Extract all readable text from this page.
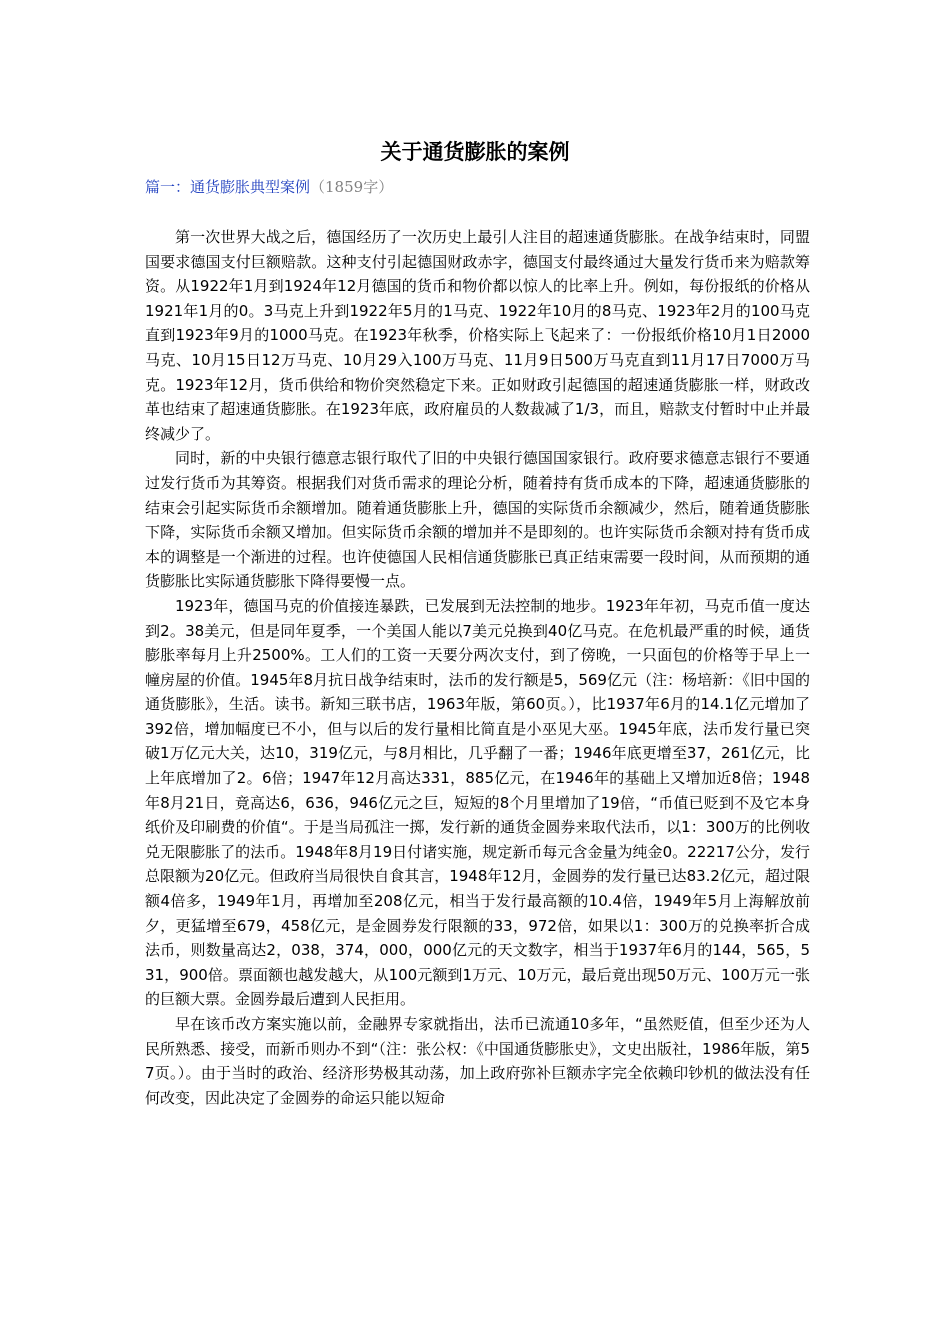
关于通货膨胀的案例
篇一：通货膨胀典型案例（1859字）

第一次世界大战之后，德国经历了一次历史上最引人注目的超速通货膨胀。在战争结束时，同盟国要求德国支付巨额赔款。这种支付引起德国财政赤字，德国支付最终通过大量发行货币来为赔款筹资。从1922年1月到1924年12月德国的货币和物价都以惊人的比率上升。例如，每份报纸的价格从1921年1月的0。3马克上升到1922年5月的1马克、1922年10月的8马克、1923年2月的100马克直到1923年9月的1000马克。在1923年秋季，价格实际上飞起来了：一份报纸价格10月1日2000马克、10月15日12万马克、10月29入100万马克、11月9日500万马克直到11月17日7000万马克。1923年12月，货币供给和物价突然稳定下来。正如财政引起德国的超速通货膨胀一样，财政改革也结束了超速通货膨胀。在1923年底，政府雇员的人数裁减了1/3，而且，赔款支付暂时中止并最终减少了。

同时，新的中央银行德意志银行取代了旧的中央银行德国国家银行。政府要求德意志银行不要通过发行货币为其筹资。根据我们对货币需求的理论分析，随着持有货币成本的下降，超速通货膨胀的结束会引起实际货币余额增加。随着通货膨胀上升，德国的实际货币余额减少，然后，随着通货膨胀下降，实际货币余额又增加。但实际货币余额的增加并不是即刻的。也许实际货币余额对持有货币成本的调整是一个渐进的过程。也许使德国人民相信通货膨胀已真正结束需要一段时间，从而预期的通货膨胀比实际通货膨胀下降得要慢一点。

1923年，德国马克的价值接连暴跌，已发展到无法控制的地步。1923年年初，马克币值一度达到2。38美元，但是同年夏季，一个美国人能以7美元兑换到40亿马克。在危机最严重的时候，通货膨胀率每月上升2500%。工人们的工资一天要分两次支付，到了傍晚，一只面包的价格等于早上一幢房屋的价值。1945年8月抗日战争结束时，法币的发行额是5，569亿元（注：杨培新：《旧中国的通货膨胀》，生活。读书。新知三联书店，1963年版，第60页。），比1937年6月的14.1亿元增加了392倍，增加幅度已不小，但与以后的发行量相比简直是小巫见大巫。1945年底，法币发行量已突破1万亿元大关，达10，319亿元，与8月相比，几乎翻了一番；1946年底更增至37，261亿元，比上年底增加了2。6倍；1947年12月高达331，885亿元，在1946年的基础上又增加近8倍；1948年8月21日，竟高达6，636，946亿元之巨，短短的8个月里增加了19倍，“币值已贬到不及它本身纸价及印刷费的价值“。于是当局孤注一掷，发行新的通货金圆券来取代法币，以1：300万的比例收兑无限膨胀了的法币。1948年8月19日付诸实施，规定新币每元含金量为纯金0。22217公分，发行总限额为20亿元。但政府当局很快自食其言，1948年12月，金圆券的发行量已达83.2亿元，超过限额4倍多，1949年1月，再增加至208亿元，相当于发行最高额的10.4倍，1949年5月上海解放前夕，更猛增至679，458亿元，是金圆券发行限额的33，972倍，如果以1：300万的兑换率折合成法币，则数量高达2，038，374，000，000亿元的天文数字，相当于1937年6月的144，565，531，900倍。票面额也越发越大，从100元额到1万元、10万元，最后竟出现50万元、100万元一张的巨额大票。金圆券最后遭到人民拒用。

早在该币改方案实施以前，金融界专家就指出，法币已流通10多年，“虽然贬值，但至少还为人民所熟悉、接受，而新币则办不到“（注：张公权：《中国通货膨胀史》，文史出版社，1986年版，第57页。）。由于当时的政治、经济形势极其动荡，加上政府弥补巨额赤字完全依赖印钞机的做法没有任何改变，因此决定了金圆券的命运只能以短命
